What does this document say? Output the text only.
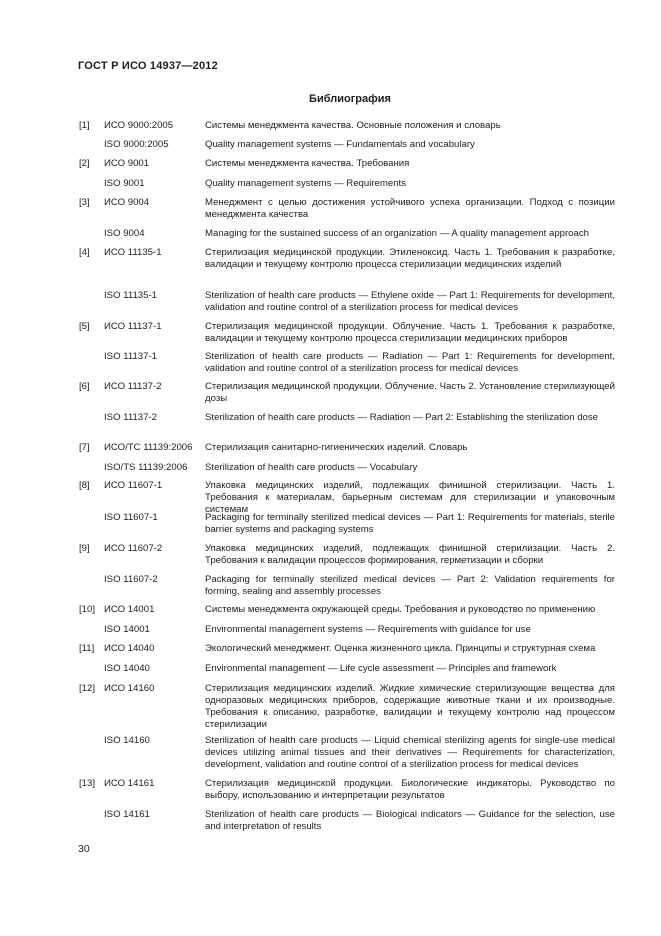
ГОСТ Р ИСО 14937—2012
Библиография
[1] ИСО 9000:2005	Системы менеджмента качества. Основные положения и словарь
ISO 9000:2005	Quality management systems — Fundamentals and vocabulary
[2] ИСО 9001	Системы менеджмента качества. Требования
ISO 9001	Quality management systems — Requirements
[3] ИСО 9004	Менеджмент с целью достижения устойчивого успеха организации. Подход с позиции менеджмента качества
ISO 9004	Managing for the sustained success of an organization — A quality management approach
[4] ИСО 11135-1	Стерилизация медицинской продукции. Этиленоксид. Часть 1. Требования к разработке, валидации и текущему контролю процесса стерилизации медицинских изделий
ISO 11135-1	Sterilization of health care products — Ethylene oxide — Part 1: Requirements for development, validation and routine control of a sterilization process for medical devices
[5] ИСО 11137-1	Стерилизация медицинской продукции. Облучение. Часть 1. Требования к разработке, валидации и текущему контролю процесса стерилизации медицинских приборов
ISO 11137-1	Sterilization of health care products — Radiation — Part 1: Requirements for development, validation and routine control of a sterilization process for medical devices
[6] ИСО 11137-2	Стерилизация медицинской продукции. Облучение. Часть 2. Установление стерилизующей дозы
ISO 11137-2	Sterilization of health care products — Radiation — Part 2: Establishing the sterilization dose
[7] ИСО/ТС 11139:2006 Стерилизация санитарно-гигиенических изделий. Словарь
ISO/TS 11139:2006 Sterilization of health care products — Vocabulary
[8] ИСО 11607-1	Упаковка медицинских изделий, подлежащих финишной стерилизации. Часть 1. Требования к материалам, барьерным системам для стерилизации и упаковочным системам
ISO 11607-1	Packaging for terminally sterilized medical devices — Part 1: Requirements for materials, sterile barrier systems and packaging systems
[9] ИСО 11607-2	Упаковка медицинских изделий, подлежащих финишной стерилизации. Часть 2. Требования к валидации процессов формирования, герметизации и сборки
ISO 11607-2	Packaging for terminally sterilized medical devices — Part 2: Validation requirements for forming, sealing and assembly processes
[10] ИСО 14001	Системы менеджмента окружающей среды. Требования и руководство по применению
ISO 14001	Environmental management systems — Requirements with guidance for use
[11] ИСО 14040	Экологический менеджмент. Оценка жизненного цикла. Принципы и структурная схема
ISO 14040	Environmental management — Life cycle assessment — Principles and framework
[12] ИСО 14160	Стерилизация медицинских изделий. Жидкие химические стерилизующие вещества для одноразовых медицинских приборов, содержащие животные ткани и их производные. Требования к описанию, разработке, валидации и текущему контролю над процессом стерилизации
ISO 14160	Sterilization of health care products — Liquid chemical sterilizing agents for single-use medical devices utilizing animal tissues and their derivatives — Requirements for characterization, development, validation and routine control of a sterilization process for medical devices
[13] ИСО 14161	Стерилизация медицинской продукции. Биологические индикаторы. Руководство по выбору, использованию и интерпретации результатов
ISO 14161	Sterilization of health care products — Biological indicators — Guidance for the selection, use and interpretation of results
30
